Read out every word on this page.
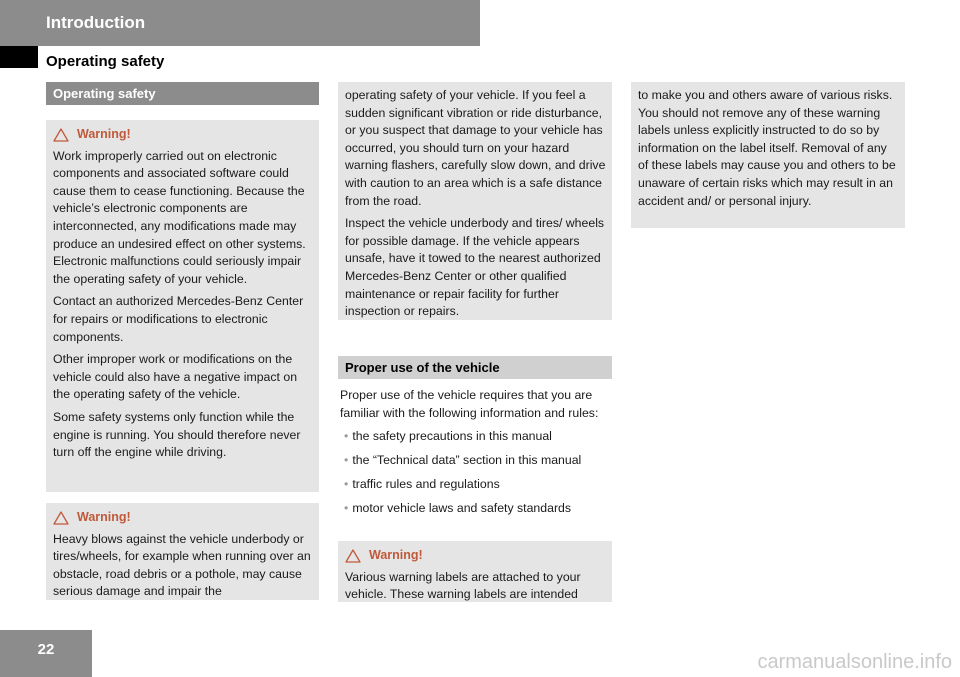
Introduction
Operating safety
Operating safety
Warning!

Work improperly carried out on electronic components and associated software could cause them to cease functioning. Because the vehicle’s electronic components are interconnected, any modifications made may produce an undesired effect on other systems. Electronic malfunctions could seriously impair the operating safety of your vehicle.

Contact an authorized Mercedes-Benz Center for repairs or modifications to electronic components.

Other improper work or modifications on the vehicle could also have a negative impact on the operating safety of the vehicle.

Some safety systems only function while the engine is running. You should therefore never turn off the engine while driving.

Warning!

Heavy blows against the vehicle underbody or tires/wheels, for example when running over an obstacle, road debris or a pothole, may cause serious damage and impair the

operating safety of your vehicle. If you feel a sudden significant vibration or ride disturbance, or you suspect that damage to your vehicle has occurred, you should turn on your hazard warning flashers, carefully slow down, and drive with caution to an area which is a safe distance from the road.

Inspect the vehicle underbody and tires/ wheels for possible damage. If the vehicle appears unsafe, have it towed to the nearest authorized Mercedes-Benz Center or other qualified maintenance or repair facility for further inspection or repairs.

Proper use of the vehicle

Proper use of the vehicle requires that you are familiar with the following information and rules:

• the safety precautions in this manual
• the “Technical data” section in this manual
• traffic rules and regulations
• motor vehicle laws and safety standards
Warning!

Various warning labels are attached to your vehicle. These warning labels are intended

to make you and others aware of various risks. You should not remove any of these warning labels unless explicitly instructed to do so by information on the label itself. Removal of any of these labels may cause you and others to be unaware of certain risks which may result in an accident and/ or personal injury.

22
carmanualsonline.info
